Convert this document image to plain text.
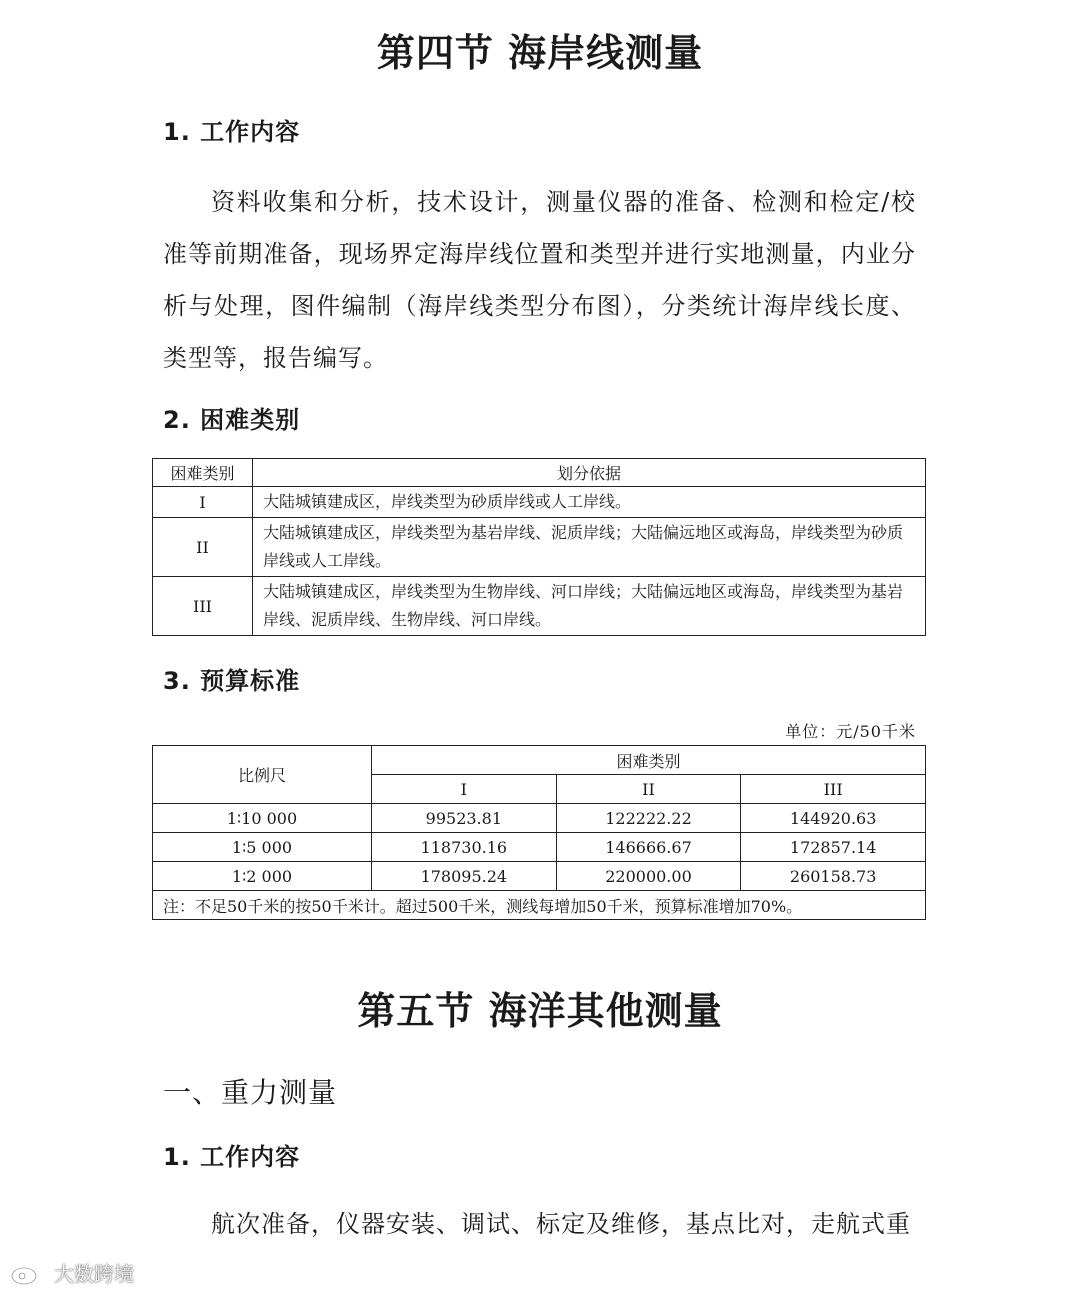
第四节 海岸线测量
1. 工作内容

资料收集和分析，技术设计，测量仪器的准备、检测和检定/校准等前期准备，现场界定海岸线位置和类型并进行实地测量，内业分析与处理，图件编制（海岸线类型分布图），分类统计海岸线长度、类型等，报告编写。

2. 困难类别
困难类别	划分依据
I	大陆城镇建成区，岸线类型为砂质岸线或人工岸线。
II	大陆城镇建成区，岸线类型为基岩岸线、泥质岸线；大陆偏远地区或海岛，岸线类型为砂质岸线或人工岸线。
III	大陆城镇建成区，岸线类型为生物岸线、河口岸线；大陆偏远地区或海岛，岸线类型为基岩岸线、泥质岸线、生物岸线、河口岸线。
3. 预算标准
单位：元/50千米
比例尺	困难类别		
	I	II	III
1∶10 000	99523.81	122222.22	144920.63
1∶5 000	118730.16	146666.67	172857.14
1∶2 000	178095.24	220000.00	260158.73
注：不足50千米的按50千米计。超过500千米，测线每增加50千米，预算标准增加70%。			
第五节 海洋其他测量
一、重力测量
1. 工作内容

航次准备，仪器安装、调试、标定及维修，基点比对，走航式重

大数跨境
